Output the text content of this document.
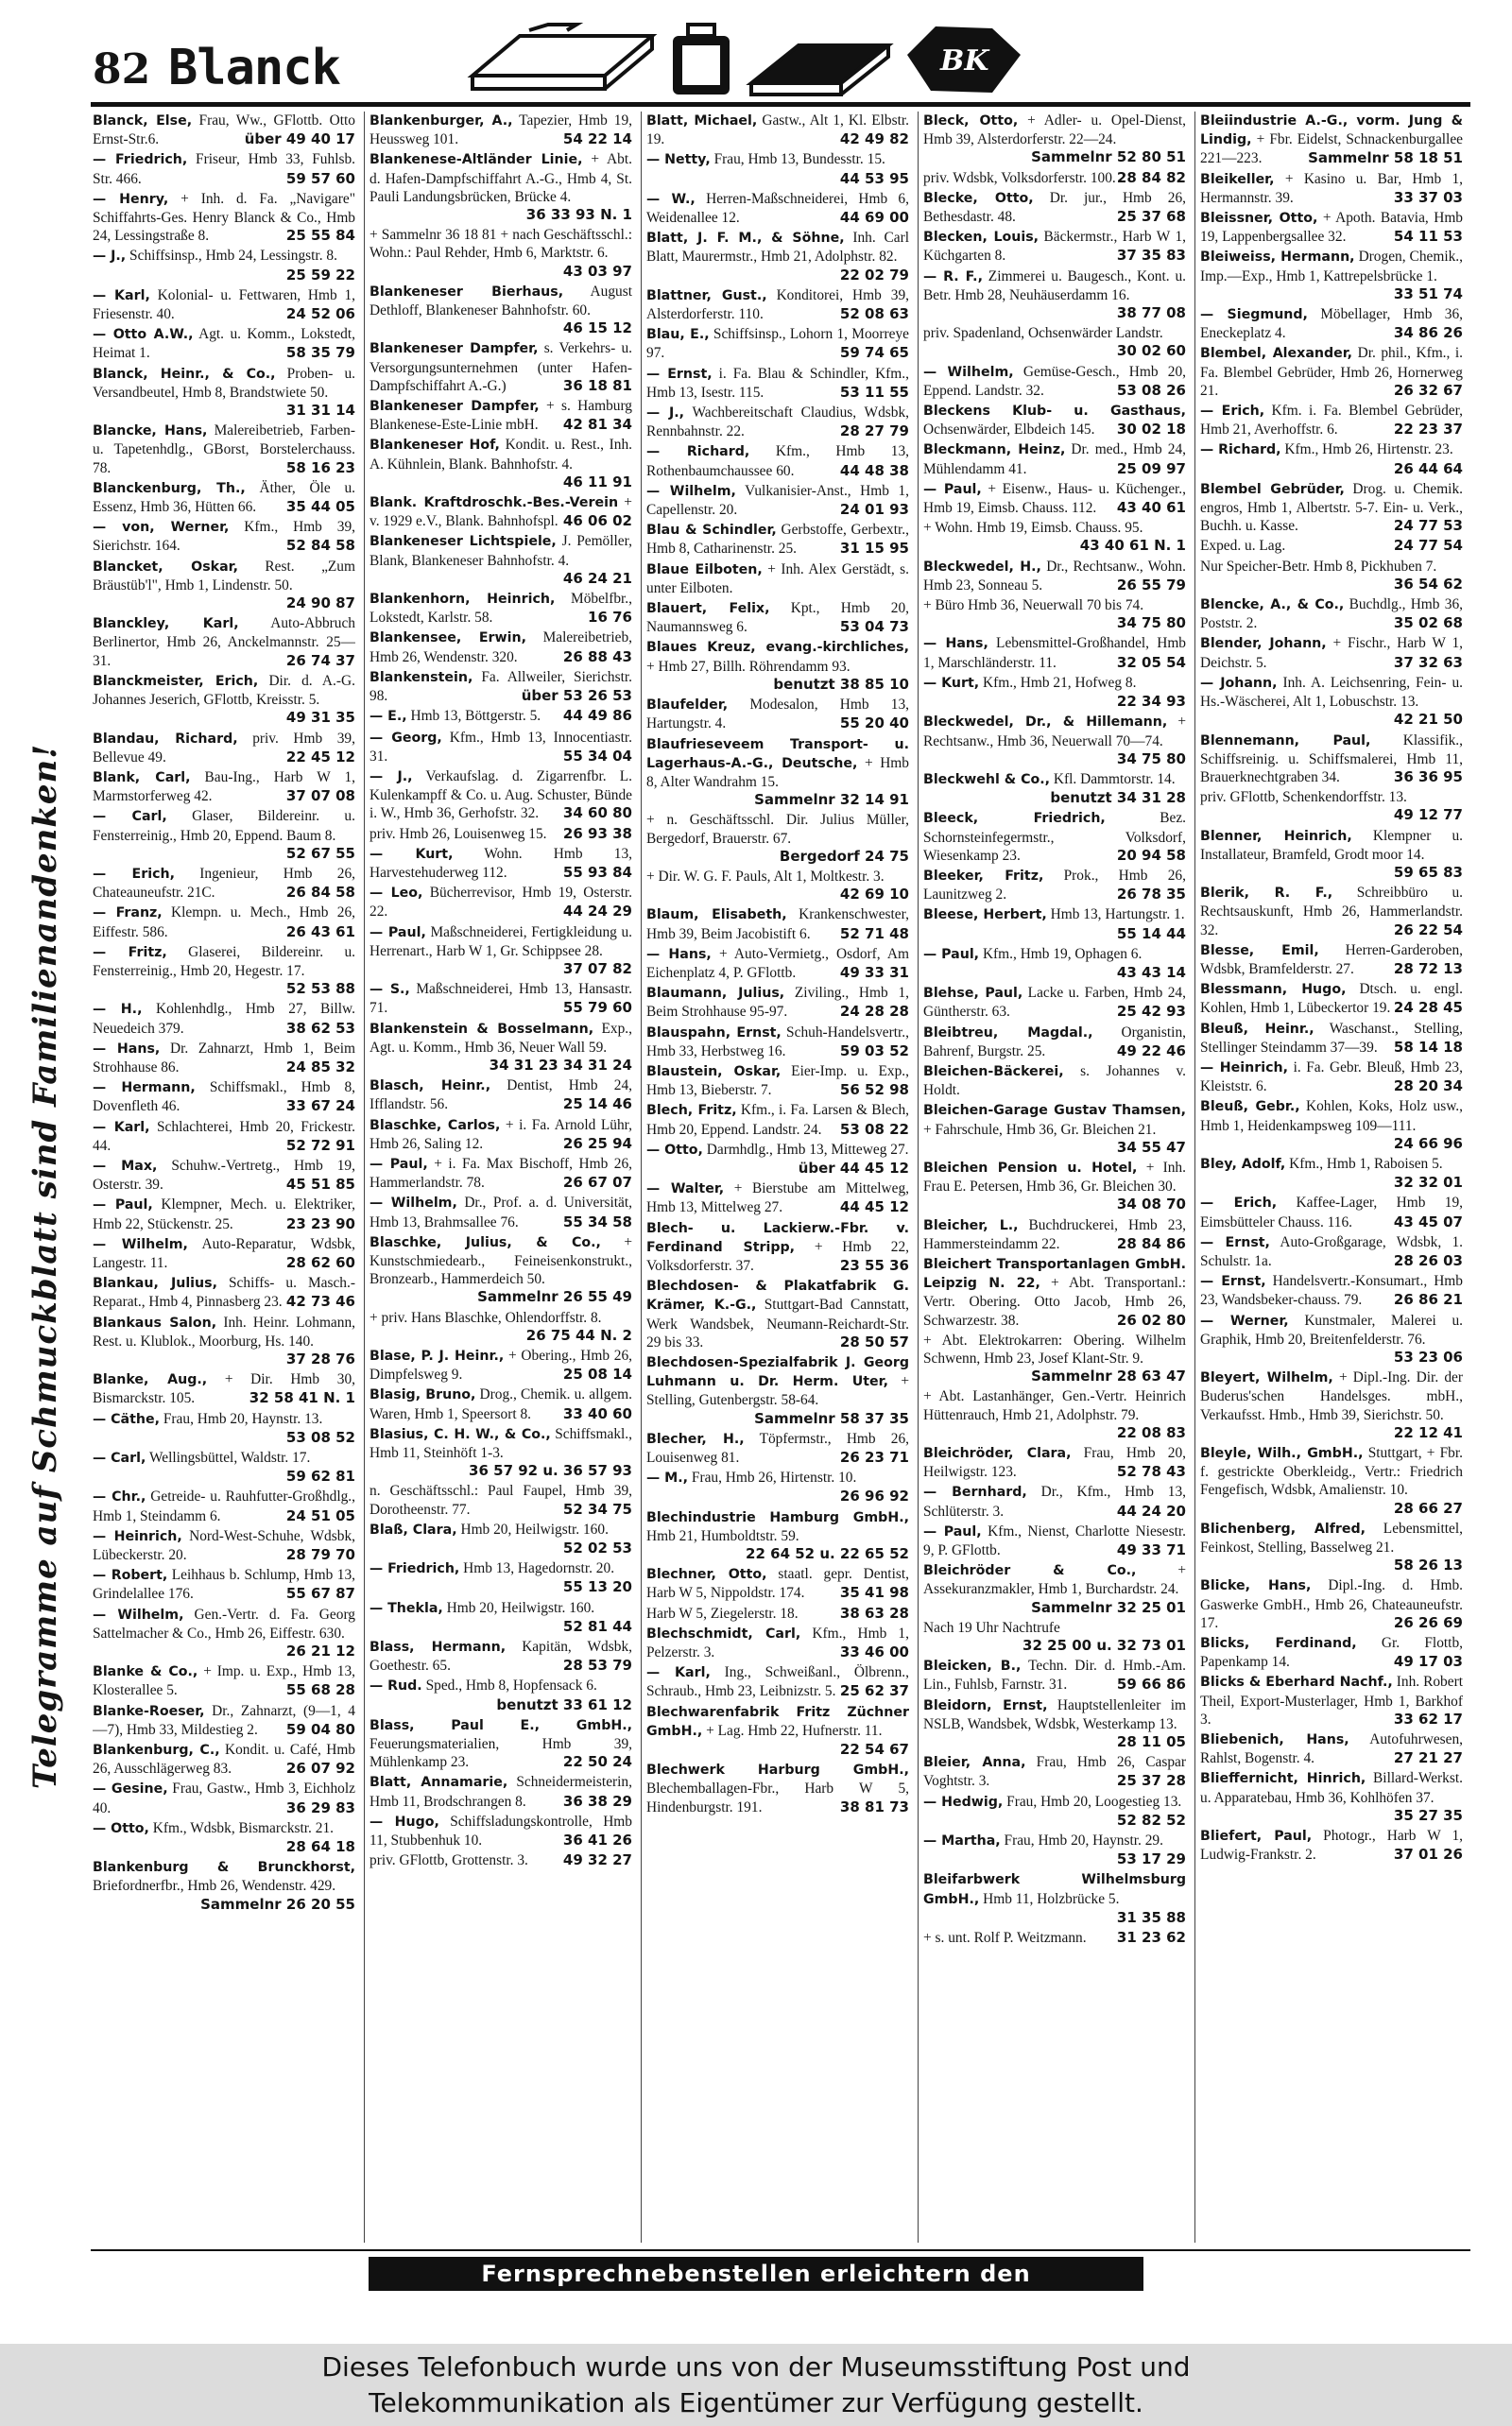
82 Blanck	BK
Telegramme auf Schmuckblatt sind Familienandenken!
Blanck, Else, Frau, Ww., GFlottb. Otto Ernst-Str.6.	über 49 40 17
— Friedrich, Friseur, Hmb 33, Fuhlsb. Str. 466.	59 57 60
— Henry, + Inh. d. Fa. „Navigare" Schiffahrts-Ges. Henry Blanck & Co., Hmb 24, Lessingstraße 8.	25 55 84
— J., Schiffsinsp., Hmb 24, Lessingstr. 8.
25 59 22
— Karl, Kolonial- u. Fettwaren, Hmb 1, Friesenstr. 40.	24 52 06
— Otto A.W., Agt. u. Komm., Lokstedt, Heimat 1.	58 35 79
Blanck, Heinr., & Co., Proben- u. Versandbeutel, Hmb 8, Brandstwiete 50.
31 31 14
Blancke, Hans, Malereibetrieb, Farben- u. Tapetenhdlg., GBorst, Borstelerchauss. 78.	58 16 23
Blanckenburg, Th., Äther, Öle u. Essenz, Hmb 36, Hütten 66. 35 44 05
— von, Werner, Kfm., Hmb 39, Sierichstr. 164.	52 84 58
Blancket, Oskar, Rest. „Zum Bräustüb'l", Hmb 1, Lindenstr. 50.
24 90 87
Blanckley, Karl, Auto-Abbruch Berlinertor, Hmb 26, Anckelmannstr. 25—31.	26 74 37
Blanckmeister, Erich, Dir. d. A.-G. Johannes Jeserich, GFlottb, Kreisstr. 5.
49 31 35
Blandau, Richard, priv. Hmb 39, Bellevue 49.	22 45 12
Blank, Carl, Bau-Ing., Harb W 1, Marmstorferweg 42.	37 07 08
— Carl, Glaser, Bildereinr. u. Fensterreinig., Hmb 20, Eppend. Baum 8.
52 67 55
— Erich, Ingenieur, Hmb 26, Chateauneufstr. 21C.	26 84 58
— Franz, Klempn. u. Mech., Hmb 26, Eiffestr. 586.	26 43 61
— Fritz, Glaserei, Bildereinr. u. Fensterreinig., Hmb 20, Hegestr. 17.
52 53 88
— H., Kohlenhdlg., Hmb 27, Billw. Neuedeich 379.	38 62 53
— Hans, Dr. Zahnarzt, Hmb 1, Beim Strohhause 86.	24 85 32
— Hermann, Schiffsmakl., Hmb 8, Dovenfleth 46.	33 67 24
— Karl, Schlachterei, Hmb 20, Frickestr. 44.	52 72 91
— Max, Schuhw.-Vertretg., Hmb 19, Osterstr. 39.	45 51 85
— Paul, Klempner, Mech. u. Elektriker, Hmb 22, Stückenstr. 25.	23 23 90
— Wilhelm, Auto-Reparatur, Wdsbk, Langestr. 11.	28 62 60
Blankau, Julius, Schiffs- u. Masch.-Reparat., Hmb 4, Pinnasberg 23. 42 73 46
Blankaus Salon, Inh. Heinr. Lohmann, Rest. u. Klublok., Moorburg, Hs. 140.
37 28 76
Blanke, Aug., + Dir. Hmb 30, Bismarckstr. 105.	32 58 41 N. 1
— Cäthe, Frau, Hmb 20, Haynstr. 13.
53 08 52
— Carl, Wellingsbüttel, Waldstr. 17.
59 62 81
— Chr., Getreide- u. Rauhfutter-Großhdlg., Hmb 1, Steindamm 6.	24 51 05
— Heinrich, Nord-West-Schuhe, Wdsbk, Lübeckerstr. 20.	28 79 70
— Robert, Leihhaus b. Schlump, Hmb 13, Grindelallee 176.	55 67 87
— Wilhelm, Gen.-Vertr. d. Fa. Georg Sattelmacher & Co., Hmb 26, Eiffestr. 630.
26 21 12
Blanke & Co., + Imp. u. Exp., Hmb 13, Klosterallee 5.	55 68 28
Blanke-Roeser, Dr., Zahnarzt, (9—1, 4—7), Hmb 33, Mildestieg 2. 59 04 80
Blankenburg, C., Kondit. u. Café, Hmb 26, Ausschlägerweg 83.	26 07 92
— Gesine, Frau, Gastw., Hmb 3, Eichholz 40.	36 29 83
— Otto, Kfm., Wdsbk, Bismarckstr. 21.
28 64 18
Blankenburg & Brunckhorst, Briefordnerfbr., Hmb 26, Wendenstr. 429.
Sammelnr 26 20 55
Blankenburger, A., Tapezier, Hmb 19, Heussweg 101.	54 22 14
Blankenese-Altländer Linie, + Abt. d. Hafen-Dampfschiffahrt A.-G., Hmb 4, St. Pauli Landungsbrücken, Brücke 4.
36 33 93 N. 1
+ Sammelnr 36 18 81 + nach Geschäftsschl.: Wohn.: Paul Rehder, Hmb 6, Marktstr. 6.
43 03 97
Blankeneser Bierhaus, August Dethloff, Blankeneser Bahnhofstr. 60.
46 15 12
Blankeneser Dampfer, s. Verkehrs- u. Versorgungsunternehmen (unter Hafen-Dampfschiffahrt A.-G.)	36 18 81
Blankeneser Dampfer, + s. Hamburg Blankenese-Este-Linie mbH. 42 81 34
Blankeneser Hof, Kondit. u. Rest., Inh. A. Kühnlein, Blank. Bahnhofstr. 4.
46 11 91
Blank. Kraftdroschk.-Bes.-Verein + v. 1929 e.V., Blank. Bahnhofspl. 46 06 02
Blankeneser Lichtspiele, J. Pemöller, Blank, Blankeneser Bahnhofstr. 4.
46 24 21
Blankenhorn, Heinrich, Möbelfbr., Lokstedt, Karlstr. 58.	16 76
Blankensee, Erwin, Malereibetrieb, Hmb 26, Wendenstr. 320.	26 88 43
Blankenstein, Fa. Allweiler, Sierichstr. 98.	über 53 26 53
— E., Hmb 13, Böttgerstr. 5. 44 49 86
— Georg, Kfm., Hmb 13, Innocentiastr. 31.	55 34 04
— J., Verkaufslag. d. Zigarrenfbr. L. Kulenkampff & Co. u. Aug. Schuster, Bünde i. W., Hmb 36, Gerhofstr. 32. 34 60 80
priv. Hmb 26, Louisenweg 15. 26 93 38
— Kurt, Wohn. Hmb 13, Harvestehuderweg 112.	55 93 84
— Leo, Bücherrevisor, Hmb 19, Osterstr. 22.	44 24 29
— Paul, Maßschneiderei, Fertigkleidung u. Herrenart., Harb W 1, Gr. Schippsee 28.
37 07 82
— S., Maßschneiderei, Hmb 13, Hansastr. 71.	55 79 60
Blankenstein & Bosselmann, Exp., Agt. u. Komm., Hmb 36, Neuer Wall 59.
34 31 23 34 31 24
Blasch, Heinr., Dentist, Hmb 24, Ifflandstr. 56.	25 14 46
Blaschke, Carlos, + i. Fa. Arnold Lühr, Hmb 26, Saling 12.	26 25 94
— Paul, + i. Fa. Max Bischoff, Hmb 26, Hammerlandstr. 78.	26 67 07
— Wilhelm, Dr., Prof. a. d. Universität, Hmb 13, Brahmsallee 76.	55 34 58
Blaschke, Julius, & Co., + Kunstschmiedearb., Feineisenkonstrukt., Bronzearb., Hammerdeich 50.
Sammelnr 26 55 49
+ priv. Hans Blaschke, Ohlendorffstr. 8.
26 75 44 N. 2
Blase, P. J. Heinr., + Obering., Hmb 26, Dimpfelsweg 9.	25 08 14
Blasig, Bruno, Drog., Chemik. u. allgem. Waren, Hmb 1, Speersort 8. 33 40 60
Blasius, C. H. W., & Co., Schiffsmakl., Hmb 11, Steinhöft 1-3.
36 57 92 u. 36 57 93
n. Geschäftsschl.: Paul Faupel, Hmb 39, Dorotheenstr. 77.	52 34 75
Blaß, Clara, Hmb 20, Heilwigstr. 160.
52 02 53
— Friedrich, Hmb 13, Hagedornstr. 20.
55 13 20
— Thekla, Hmb 20, Heilwigstr. 160.
52 81 44
Blass, Hermann, Kapitän, Wdsbk, Goethestr. 65.	28 53 79
— Rud. Sped., Hmb 8, Hopfensack 6.
benutzt 33 61 12
Blass, Paul E., GmbH., Feuerungsmaterialien, Hmb 39, Mühlenkamp 23.	22 50 24
Blatt, Annamarie, Schneidermeisterin, Hmb 11, Brodschrangen 8.	36 38 29
— Hugo, Schiffsladungskontrolle, Hmb 11, Stubbenhuk 10.	36 41 26
priv. GFlottb, Grottenstr. 3. 49 32 27
Blatt, Michael, Gastw., Alt 1, Kl. Elbstr. 19.	42 49 82
— Netty, Frau, Hmb 13, Bundesstr. 15.
44 53 95
— W., Herren-Maßschneiderei, Hmb 6, Weidenallee 12.	44 69 00
Blatt, J. F. M., & Söhne, Inh. Carl Blatt, Maurermstr., Hmb 21, Adolphstr. 82.
22 02 79
Blattner, Gust., Konditorei, Hmb 39, Alsterdorferstr. 110.	52 08 63
Blau, E., Schiffsinsp., Lohorn 1, Moorreye 97.	59 74 65
— Ernst, i. Fa. Blau & Schindler, Kfm., Hmb 13, Isestr. 115.	53 11 55
— J., Wachbereitschaft Claudius, Wdsbk, Rennbahnstr. 22.	28 27 79
— Richard, Kfm., Hmb 13, Rothenbaumchaussee 60.	44 48 38
— Wilhelm, Vulkanisier-Anst., Hmb 1, Capellenstr. 20.	24 01 93
Blau & Schindler, Gerbstoffe, Gerbextr., Hmb 8, Catharinenstr. 25.	31 15 95
Blaue Eilboten, + Inh. Alex Gerstädt, s. unter Eilboten.
Blauert, Felix, Kpt., Hmb 20, Naumannsweg 6.	53 04 73
Blaues Kreuz, evang.-kirchliches, + Hmb 27, Billh. Röhrendamm 93.
benutzt 38 85 10
Blaufelder, Modesalon, Hmb 13, Hartungstr. 4.	55 20 40
Blaufrieseveem Transport- u. Lagerhaus-A.-G., Deutsche, + Hmb 8, Alter Wandrahm 15.
Sammelnr 32 14 91
+ n. Geschäftsschl. Dir. Julius Müller, Bergedorf, Brauerstr. 67.
Bergedorf 24 75
+ Dir. W. G. F. Pauls, Alt 1, Moltkestr. 3.
42 69 10
Blaum, Elisabeth, Krankenschwester, Hmb 39, Beim Jacobistift 6. 52 71 48
— Hans, + Auto-Vermietg., Osdorf, Am Eichenplatz 4, P. GFlottb.	49 33 31
Blaumann, Julius, Ziviling., Hmb 1, Beim Strohhause 95-97.	24 28 28
Blauspahn, Ernst, Schuh-Handelsvertr., Hmb 33, Herbstweg 16.	59 03 52
Blaustein, Oskar, Eier-Imp. u. Exp., Hmb 13, Bieberstr. 7.	56 52 98
Blech, Fritz, Kfm., i. Fa. Larsen & Blech, Hmb 20, Eppend. Landstr. 24. 53 08 22
— Otto, Darmhdlg., Hmb 13, Mitteweg 27.
über 44 45 12
— Walter, + Bierstube am Mittelweg, Hmb 13, Mittelweg 27.	44 45 12
Blech- u. Lackierw.-Fbr. v. Ferdinand Stripp, + Hmb 22, Volksdorferstr. 37.	23 55 36
Blechdosen- & Plakatfabrik G. Krämer, K.-G., Stuttgart-Bad Cannstatt, Werk Wandsbek, Neumann-Reichardt-Str. 29 bis 33.	28 50 57
Blechdosen-Spezialfabrik J. Georg Luhmann u. Dr. Herm. Uter, + Stelling, Gutenbergstr. 58-64.
Sammelnr 58 37 35
Blecher, H., Töpfermstr., Hmb 26, Louisenweg 81.	26 23 71
— M., Frau, Hmb 26, Hirtenstr. 10.
26 96 92
Blechindustrie Hamburg GmbH., Hmb 21, Humboldtstr. 59.
22 64 52 u. 22 65 52
Blechner, Otto, staatl. gepr. Dentist, Harb W 5, Nippoldstr. 174. 35 41 98
Harb W 5, Ziegelerstr. 18.	38 63 28
Blechschmidt, Carl, Kfm., Hmb 1, Pelzerstr. 3.	33 46 00
— Karl, Ing., Schweißanl., Ölbrenn., Schraub., Hmb 23, Leibnizstr. 5. 25 62 37
Blechwarenfabrik Fritz Züchner GmbH., + Lag. Hmb 22, Hufnerstr. 11.
22 54 67
Blechwerk Harburg GmbH., Blechemballagen-Fbr., Harb W 5, Hindenburgstr. 191.	38 81 73
Bleck, Otto, + Adler- u. Opel-Dienst, Hmb 39, Alsterdorferstr. 22—24.
Sammelnr 52 80 51
priv. Wdsbk, Volksdorferstr. 100. 28 84 82
Blecke, Otto, Dr. jur., Hmb 26, Bethesdastr. 48.	25 37 68
Blecken, Louis, Bäckermstr., Harb W 1, Küchgarten 8.	37 35 83
— R. F., Zimmerei u. Baugesch., Kont. u. Betr. Hmb 28, Neuhäuserdamm 16.
38 77 08
priv. Spadenland, Ochsenwärder Landstr.
30 02 60
— Wilhelm, Gemüse-Gesch., Hmb 20, Eppend. Landstr. 32.	53 08 26
Bleckens Klub- u. Gasthaus, Ochsenwärder, Elbdeich 145. 30 02 18
Bleckmann, Heinz, Dr. med., Hmb 24, Mühlendamm 41.	25 09 97
— Paul, + Eisenw., Haus- u. Küchenger., Hmb 19, Eimsb. Chauss. 112. 43 40 61
+ Wohn. Hmb 19, Eimsb. Chauss. 95.
43 40 61 N. 1
Bleckwedel, H., Dr., Rechtsanw., Wohn. Hmb 23, Sonneau 5.	26 55 79
+ Büro Hmb 36, Neuerwall 70 bis 74.
34 75 80
— Hans, Lebensmittel-Großhandel, Hmb 1, Marschländerstr. 11.	32 05 54
— Kurt, Kfm., Hmb 21, Hofweg 8.
22 34 93
Bleckwedel, Dr., & Hillemann, + Rechtsanw., Hmb 36, Neuerwall 70—74.
34 75 80
Bleckwehl & Co., Kfl. Dammtorstr. 14.
benutzt 34 31 28
Bleeck, Friedrich,	Bez. Schornsteinfegermstr., Volksdorf, Wiesenkamp 23.	20 94 58
Bleeker, Fritz, Prok., Hmb 26, Launitzweg 2.	26 78 35
Bleese, Herbert, Hmb 13, Hartungstr. 1.
55 14 44
— Paul, Kfm., Hmb 19, Ophagen 6.
43 43 14
Blehse, Paul, Lacke u. Farben, Hmb 24, Güntherstr. 63.	25 42 93
Bleibtreu, Magdal., Organistin, Bahrenf, Burgstr. 25.	49 22 46
Bleichen-Bäckerei, s. Johannes v. Holdt.
Bleichen-Garage Gustav Thamsen, + Fahrschule, Hmb 36, Gr. Bleichen 21.
34 55 47
Bleichen Pension u. Hotel, + Inh. Frau E. Petersen, Hmb 36, Gr. Bleichen 30.
34 08 70
Bleicher, L., Buchdruckerei, Hmb 23, Hammersteindamm 22.	28 84 86
Bleichert Transportanlagen GmbH. Leipzig N. 22, + Abt. Transportanl.: Vertr. Obering. Otto Jacob, Hmb 26, Schwarzestr. 38.	26 02 80
+ Abt. Elektrokarren: Obering. Wilhelm Schwenn, Hmb 23, Josef Klant-Str. 9.
Sammelnr 28 63 47
+ Abt. Lastanhänger, Gen.-Vertr. Heinrich Hüttenrauch, Hmb 21, Adolphstr. 79.
22 08 83
Bleichröder, Clara, Frau, Hmb 20, Heilwigstr. 123.	52 78 43
— Bernhard, Dr., Kfm., Hmb 13, Schlüterstr. 3.	44 24 20
— Paul, Kfm., Nienst, Charlotte Niesestr. 9, P. GFlottb.	49 33 71
Bleichröder & Co.,	+ Assekuranzmakler, Hmb 1, Burchardstr. 24.
Sammelnr 32 25 01
Nach 19 Uhr Nachtrufe
32 25 00 u. 32 73 01
Bleicken, B., Techn. Dir. d. Hmb.-Am. Lin., Fuhlsb, Farnstr. 31.	59 66 86
Bleidorn, Ernst, Hauptstellenleiter im NSLB, Wandsbek, Wdsbk, Westerkamp 13.
28 11 05
Bleier, Anna, Frau, Hmb 26, Caspar Voghtstr. 3.	25 37 28
— Hedwig, Frau, Hmb 20, Loogestieg 13.
52 82 52
— Martha, Frau, Hmb 20, Haynstr. 29.
53 17 29
Bleifarbwerk Wilhelmsburg GmbH., Hmb 11, Holzbrücke 5.
31 35 88
+ s. unt. Rolf P. Weitzmann. 31 23 62
Bleiindustrie A.-G., vorm. Jung & Lindig, + Fbr. Eidelst, Schnackenburgallee 221—223.	Sammelnr 58 18 51
Bleikeller, + Kasino u. Bar, Hmb 1, Hermannstr. 39.	33 37 03
Bleissner, Otto, + Apoth. Batavia, Hmb 19, Lappenbergsallee 32.	54 11 53
Bleiweiss, Hermann, Drogen, Chemik., Imp.—Exp., Hmb 1, Kattrepelsbrücke 1.
33 51 74
— Siegmund, Möbellager, Hmb 36, Eneckeplatz 4.	34 86 26
Blembel, Alexander, Dr. phil., Kfm., i. Fa. Blembel Gebrüder, Hmb 26, Hornerweg 21.	26 32 67
— Erich, Kfm. i. Fa. Blembel Gebrüder, Hmb 21, Averhoffstr. 6.	22 23 37
— Richard, Kfm., Hmb 26, Hirtenstr. 23.
26 44 64
Blembel Gebrüder, Drog. u. Chemik. engros, Hmb 1, Albertstr. 5-7. Ein- u. Verk., Buchh. u. Kasse.	24 77 53
Exped. u. Lag.	24 77 54
Nur Speicher-Betr. Hmb 8, Pickhuben 7.
36 54 62
Blencke, A., & Co., Buchdlg., Hmb 36, Poststr. 2.	35 02 68
Blender, Johann, + Fischr., Harb W 1, Deichstr. 5.	37 32 63
— Johann, Inh. A. Leichsenring, Fein- u. Hs.-Wäscherei, Alt 1, Lobuschstr. 13.
42 21 50
Blennemann, Paul, Klassifik., Schiffsreinig. u. Schiffsmalerei, Hmb 11, Brauerknechtgraben 34.	36 36 95
priv. GFlottb, Schenkendorffstr. 13.
49 12 77
Blenner, Heinrich, Klempner u. Installateur, Bramfeld, Grodt moor 14.
59 65 83
Blerik, R. F., Schreibbüro u. Rechtsauskunft, Hmb 26, Hammerlandstr. 32.	26 22 54
Blesse, Emil, Herren-Garderoben, Wdsbk, Bramfelderstr. 27.	28 72 13
Blessmann, Hugo, Dtsch. u. engl. Kohlen, Hmb 1, Lübeckertor 19. 24 28 45
Bleuß, Heinr., Waschanst., Stelling, Stellinger Steindamm 37—39. 58 14 18
— Heinrich, i. Fa. Gebr. Bleuß, Hmb 23, Kleiststr. 6.	28 20 34
Bleuß, Gebr., Kohlen, Koks, Holz usw., Hmb 1, Heidenkampsweg 109—111.
24 66 96
Bley, Adolf, Kfm., Hmb 1, Raboisen 5.
32 32 01
— Erich, Kaffee-Lager, Hmb 19, Eimsbütteler Chauss. 116.	43 45 07
— Ernst, Auto-Großgarage, Wdsbk, 1. Schulstr. 1a.	28 26 03
— Ernst, Handelsvertr.-Konsumart., Hmb 23, Wandsbeker-chauss. 79. 26 86 21
— Werner, Kunstmaler, Malerei u. Graphik, Hmb 20, Breitenfelderstr. 76.
53 23 06
Bleyert, Wilhelm, + Dipl.-Ing. Dir. der Buderus'schen Handelsges. mbH., Verkaufsst. Hmb., Hmb 39, Sierichstr. 50.
22 12 41
Bleyle, Wilh., GmbH., Stuttgart, + Fbr. f. gestrickte Oberkleidg., Vertr.: Friedrich Fengefisch, Wdsbk, Amalienstr. 10.
28 66 27
Blichenberg, Alfred, Lebensmittel, Feinkost, Stelling, Basselweg 21.
58 26 13
Blicke, Hans, Dipl.-Ing. d. Hmb. Gaswerke GmbH., Hmb 26, Chateauneufstr. 17.	26 26 69
Blicks, Ferdinand, Gr. Flottb, Papenkamp 14.	49 17 03
Blicks & Eberhard Nachf., Inh. Robert Theil, Export-Musterlager, Hmb 1, Barkhof 3.	33 62 17
Bliebenich, Hans, Autofuhrwesen, Rahlst, Bogenstr. 4.	27 21 27
Blieffernicht, Hinrich, Billard-Werkst. u. Apparatebau, Hmb 36, Kohlhöfen 37.
35 27 35
Bliefert, Paul, Photogr., Harb W 1, Ludwig-Frankstr. 2.	37 01 26
Fernsprechnebenstellen erleichtern den Geschäftsbetrieb
Dieses Telefonbuch wurde uns von der Museumsstiftung Post und
Telekommunikation als Eigentümer zur Verfügung gestellt.
